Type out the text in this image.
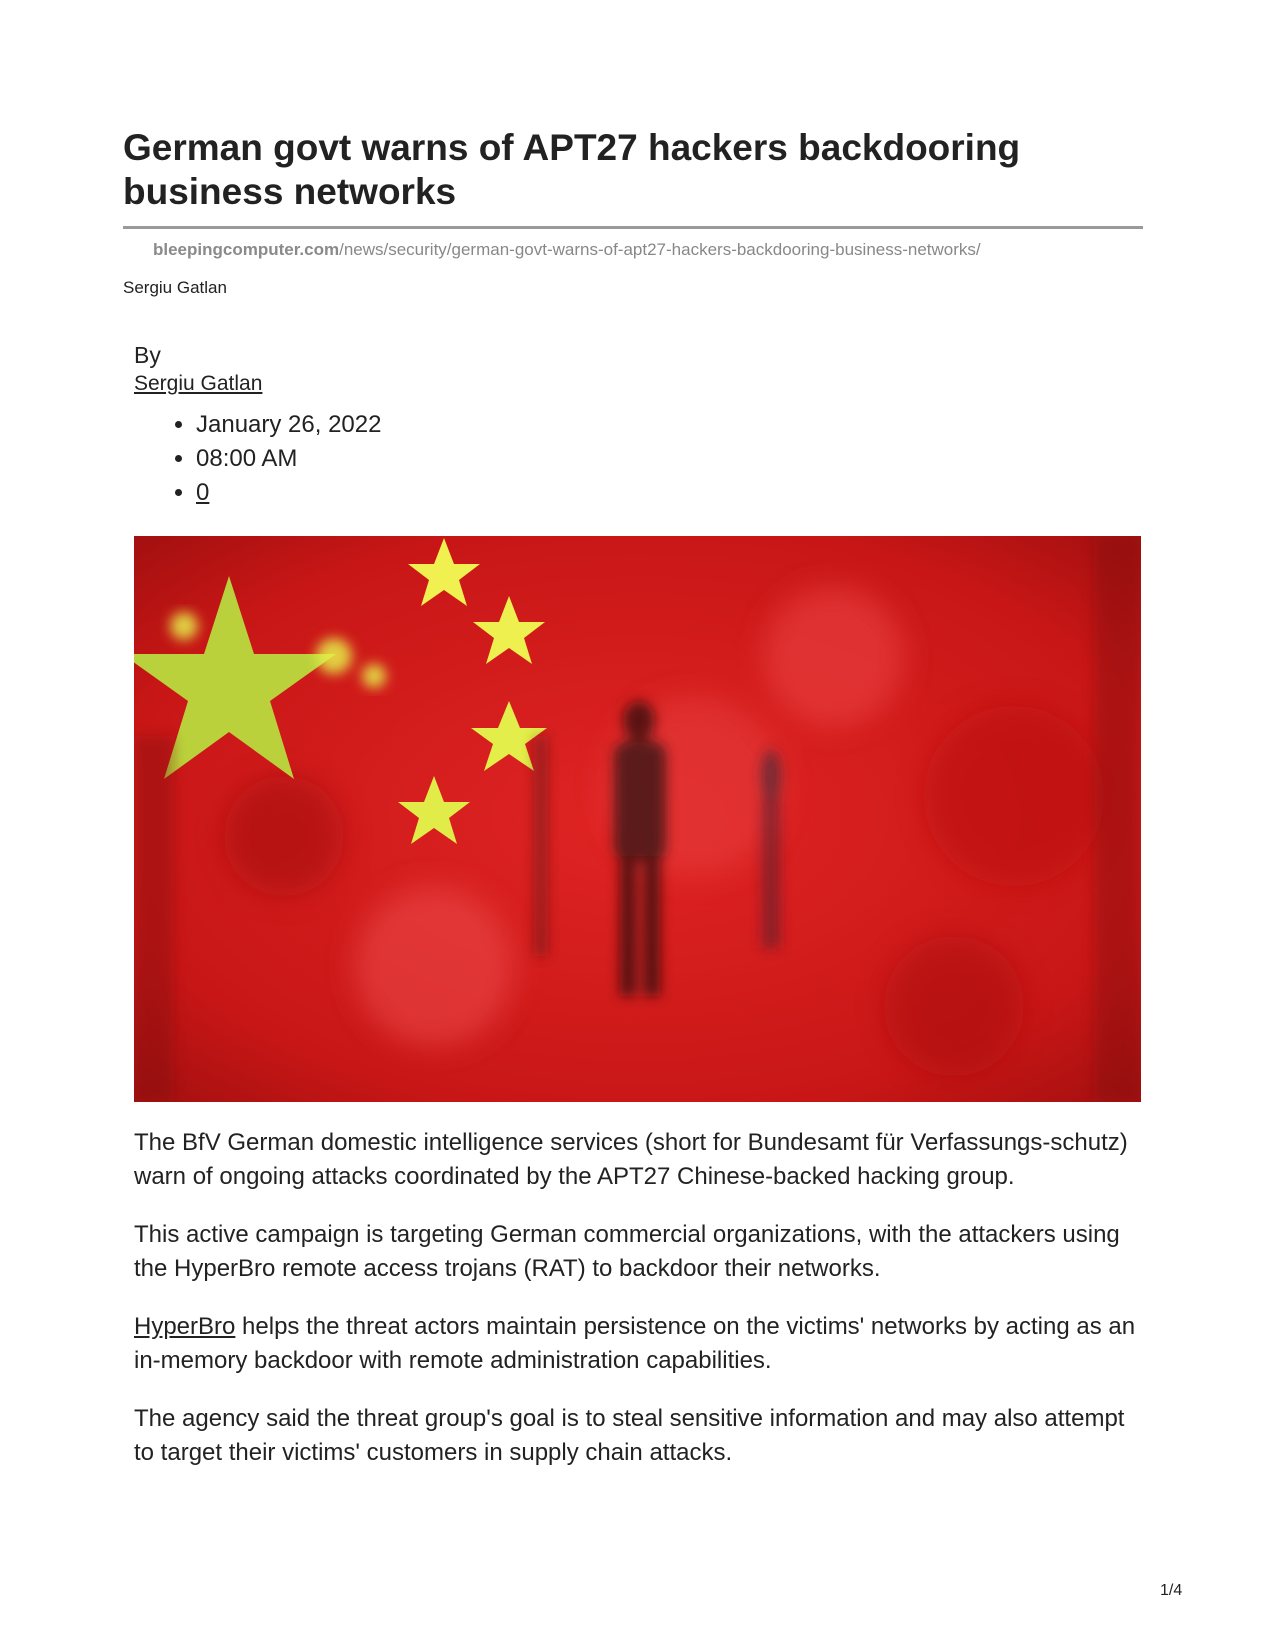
German govt warns of APT27 hackers backdooring business networks
bleepingcomputer.com/news/security/german-govt-warns-of-apt27-hackers-backdooring-business-networks/
Sergiu Gatlan
By
Sergiu Gatlan
• January 26, 2022
• 08:00 AM
• 0

The BfV German domestic intelligence services (short for Bundesamt für Verfassungs-schutz) warn of ongoing attacks coordinated by the APT27 Chinese-backed hacking group.

This active campaign is targeting German commercial organizations, with the attackers using the HyperBro remote access trojans (RAT) to backdoor their networks.

HyperBro helps the threat actors maintain persistence on the victims' networks by acting as an in-memory backdoor with remote administration capabilities.

The agency said the threat group's goal is to steal sensitive information and may also attempt to target their victims' customers in supply chain attacks.

1/4
